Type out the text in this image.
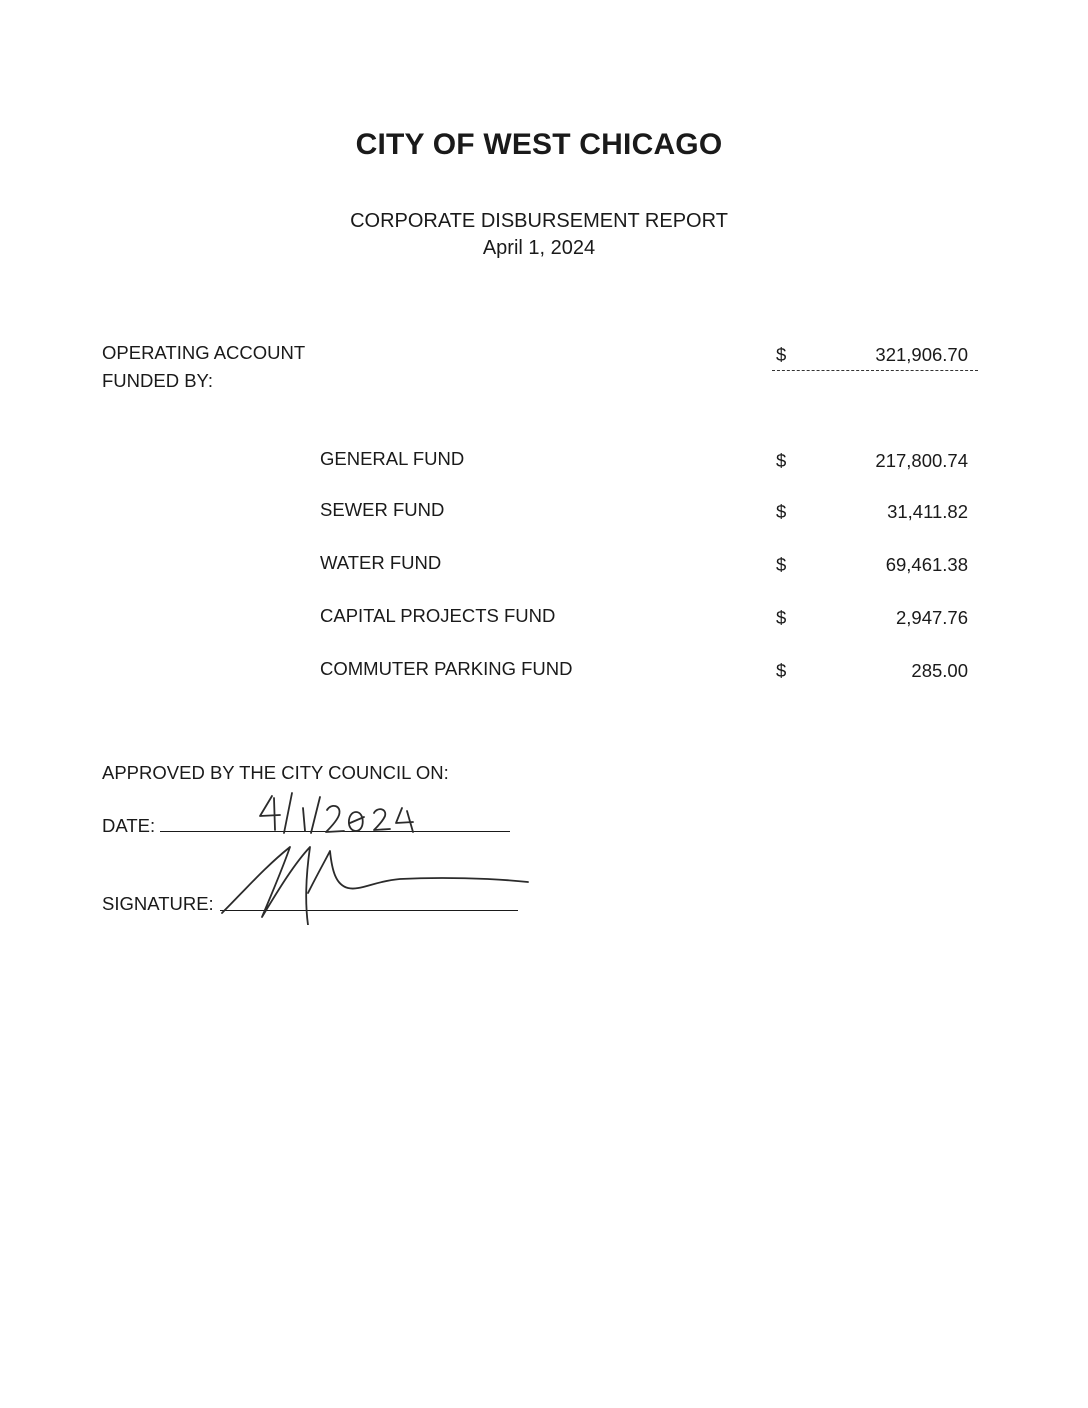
CITY OF WEST CHICAGO
CORPORATE DISBURSEMENT REPORT
April 1, 2024
OPERATING ACCOUNT
FUNDED BY:
$	321,906.70
GENERAL FUND	$	217,800.74
SEWER FUND	$	31,411.82
WATER FUND	$	69,461.38
CAPITAL PROJECTS FUND	$	2,947.76
COMMUTER PARKING FUND	$	285.00
APPROVED BY THE CITY COUNCIL ON:
DATE:
SIGNATURE:
